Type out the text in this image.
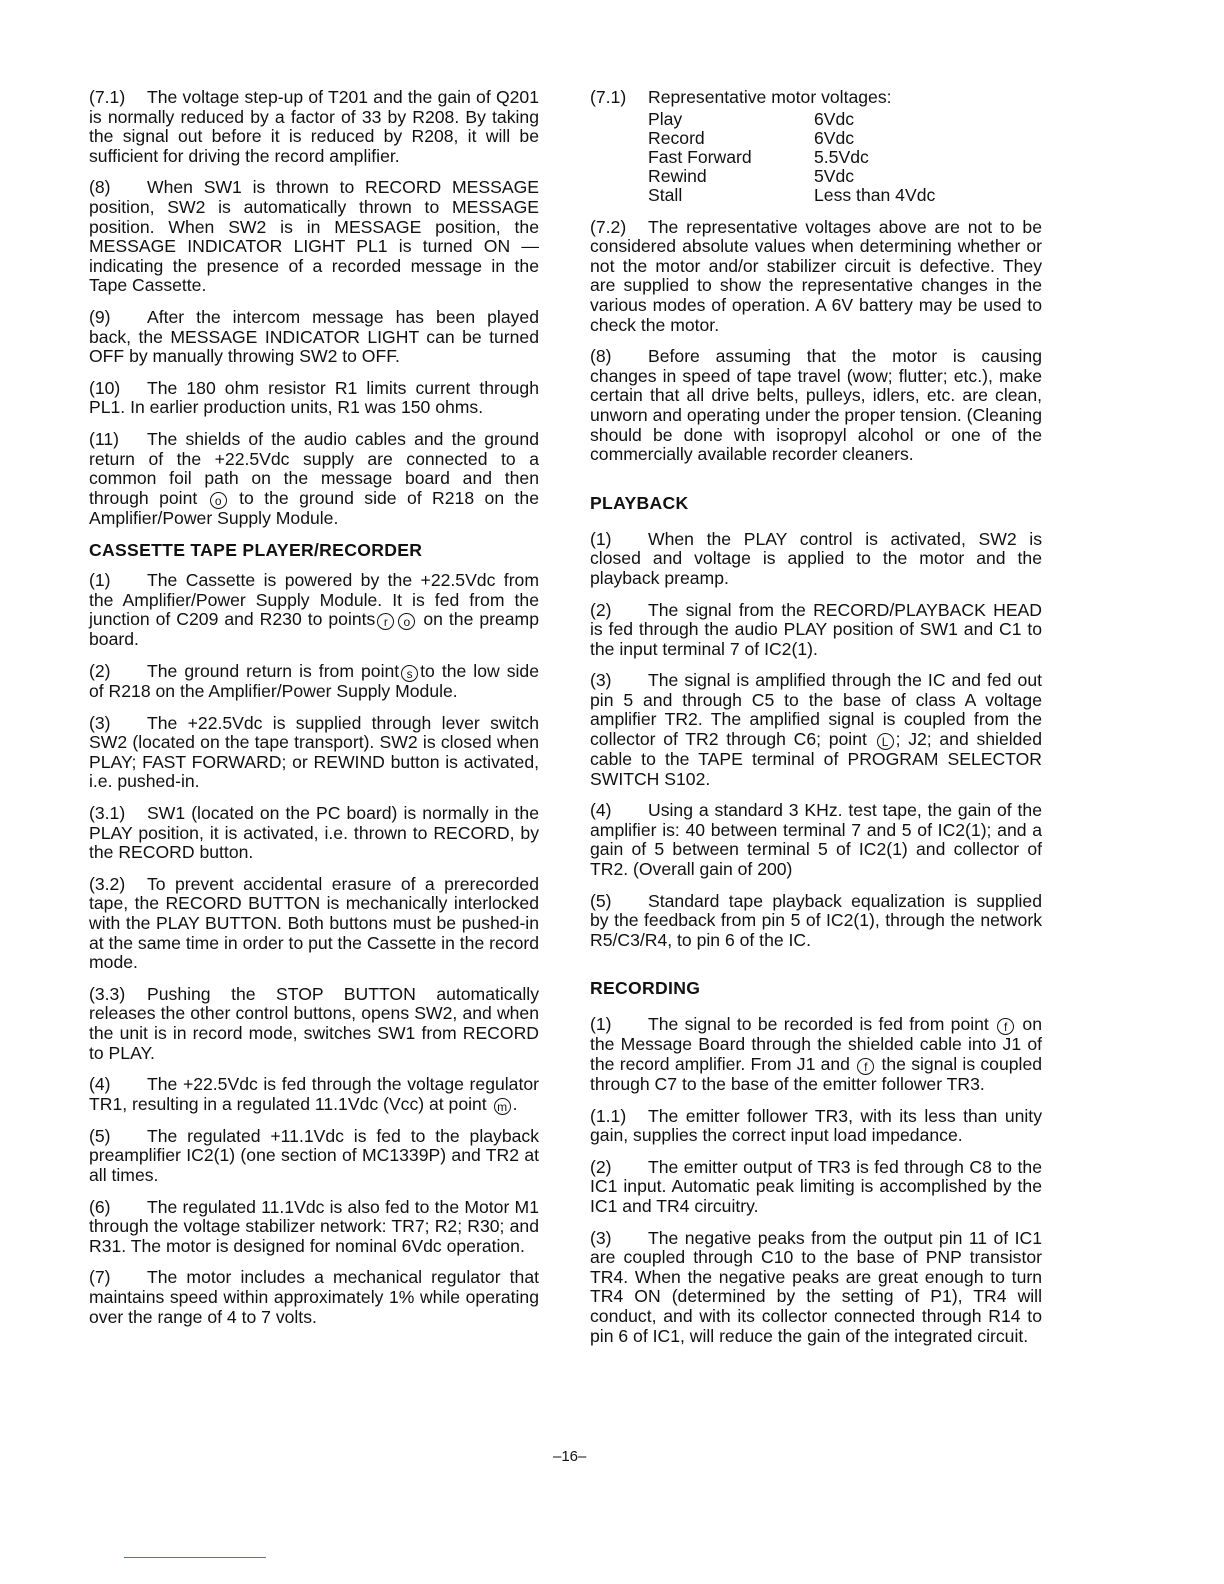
(7.1) The voltage step-up of T201 and the gain of Q201 is normally reduced by a factor of 33 by R208. By taking the signal out before it is reduced by R208, it will be sufficient for driving the record amplifier.

(8) When SW1 is thrown to RECORD MESSAGE position, SW2 is automatically thrown to MESSAGE position. When SW2 is in MESSAGE position, the MESSAGE INDICATOR LIGHT PL1 is turned ON — indicating the presence of a recorded message in the Tape Cassette.

(9) After the intercom message has been played back, the MESSAGE INDICATOR LIGHT can be turned OFF by manually throwing SW2 to OFF.

(10) The 180 ohm resistor R1 limits current through PL1. In earlier production units, R1 was 150 ohms.

(11) The shields of the audio cables and the ground return of the +22.5Vdc supply are connected to a common foil path on the message board and then through point o to the ground side of R218 on the Amplifier/Power Supply Module.

CASSETTE TAPE PLAYER/RECORDER

(1) The Cassette is powered by the +22.5Vdc from the Amplifier/Power Supply Module. It is fed from the junction of C209 and R230 to points r o on the preamp board.

(2) The ground return is from point s to the low side of R218 on the Amplifier/Power Supply Module.

(3) The +22.5Vdc is supplied through lever switch SW2 (located on the tape transport). SW2 is closed when PLAY; FAST FORWARD; or REWIND button is activated, i.e. pushed-in.

(3.1) SW1 (located on the PC board) is normally in the PLAY position, it is activated, i.e. thrown to RECORD, by the RECORD button.

(3.2) To prevent accidental erasure of a prerecorded tape, the RECORD BUTTON is mechanically interlocked with the PLAY BUTTON. Both buttons must be pushed-in at the same time in order to put the Cassette in the record mode.

(3.3) Pushing the STOP BUTTON automatically releases the other control buttons, opens SW2, and when the unit is in record mode, switches SW1 from RECORD to PLAY.

(4) The +22.5Vdc is fed through the voltage regulator TR1, resulting in a regulated 11.1Vdc (Vcc) at point m .

(5) The regulated +11.1Vdc is fed to the playback preamplifier IC2(1) (one section of MC1339P) and TR2 at all times.

(6) The regulated 11.1Vdc is also fed to the Motor M1 through the voltage stabilizer network: TR7; R2; R30; and R31. The motor is designed for nominal 6Vdc operation.

(7) The motor includes a mechanical regulator that maintains speed within approximately 1% while operating over the range of 4 to 7 volts.

(7.1) Representative motor voltages:

Play	6Vdc
Record	6Vdc
Fast Forward	5.5Vdc
Rewind	5Vdc
Stall	Less than 4Vdc

(7.2) The representative voltages above are not to be considered absolute values when determining whether or not the motor and/or stabilizer circuit is defective. They are supplied to show the representative changes in the various modes of operation. A 6V battery may be used to check the motor.

(8) Before assuming that the motor is causing changes in speed of tape travel (wow; flutter; etc.), make certain that all drive belts, pulleys, idlers, etc. are clean, unworn and operating under the proper tension. (Cleaning should be done with isopropyl alcohol or one of the commercially available recorder cleaners.

PLAYBACK

(1) When the PLAY control is activated, SW2 is closed and voltage is applied to the motor and the playback preamp.

(2) The signal from the RECORD/PLAYBACK HEAD is fed through the audio PLAY position of SW1 and C1 to the input terminal 7 of IC2(1).

(3) The signal is amplified through the IC and fed out pin 5 and through C5 to the base of class A voltage amplifier TR2. The amplified signal is coupled from the collector of TR2 through C6; point L ; J2; and shielded cable to the TAPE terminal of PROGRAM SELECTOR SWITCH S102.

(4) Using a standard 3 KHz. test tape, the gain of the amplifier is: 40 between terminal 7 and 5 of IC2(1); and a gain of 5 between terminal 5 of IC2(1) and collector of TR2. (Overall gain of 200)

(5) Standard tape playback equalization is supplied by the feedback from pin 5 of IC2(1), through the network R5/C3/R4, to pin 6 of the IC.

RECORDING

(1) The signal to be recorded is fed from point f on the Message Board through the shielded cable into J1 of the record amplifier. From J1 and f the signal is coupled through C7 to the base of the emitter follower TR3.

(1.1) The emitter follower TR3, with its less than unity gain, supplies the correct input load impedance.

(2) The emitter output of TR3 is fed through C8 to the IC1 input. Automatic peak limiting is accomplished by the IC1 and TR4 circuitry.

(3) The negative peaks from the output pin 11 of IC1 are coupled through C10 to the base of PNP transistor TR4. When the negative peaks are great enough to turn TR4 ON (determined by the setting of P1), TR4 will conduct, and with its collector connected through R14 to pin 6 of IC1, will reduce the gain of the integrated circuit.

–16–
